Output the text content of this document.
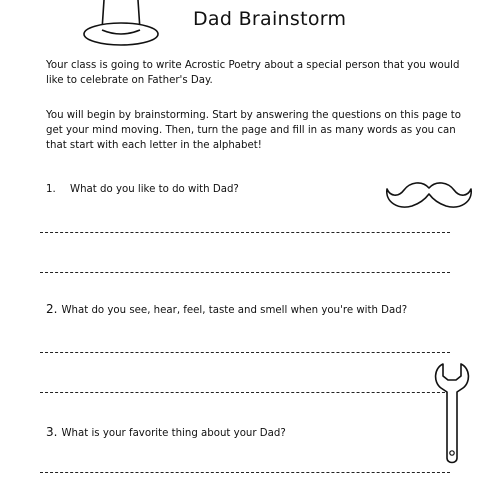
Dad Brainstorm

Your class is going to write Acrostic Poetry about a special person that you would like to celebrate on Father's Day.

You will begin by brainstorming. Start by answering the questions on this page to get your mind moving. Then, turn the page and fill in as many words as you can that start with each letter in the alphabet!

1. What do you like to do with Dad?
2. What do you see, hear, feel, taste and smell when you're with Dad?
3. What is your favorite thing about your Dad?
